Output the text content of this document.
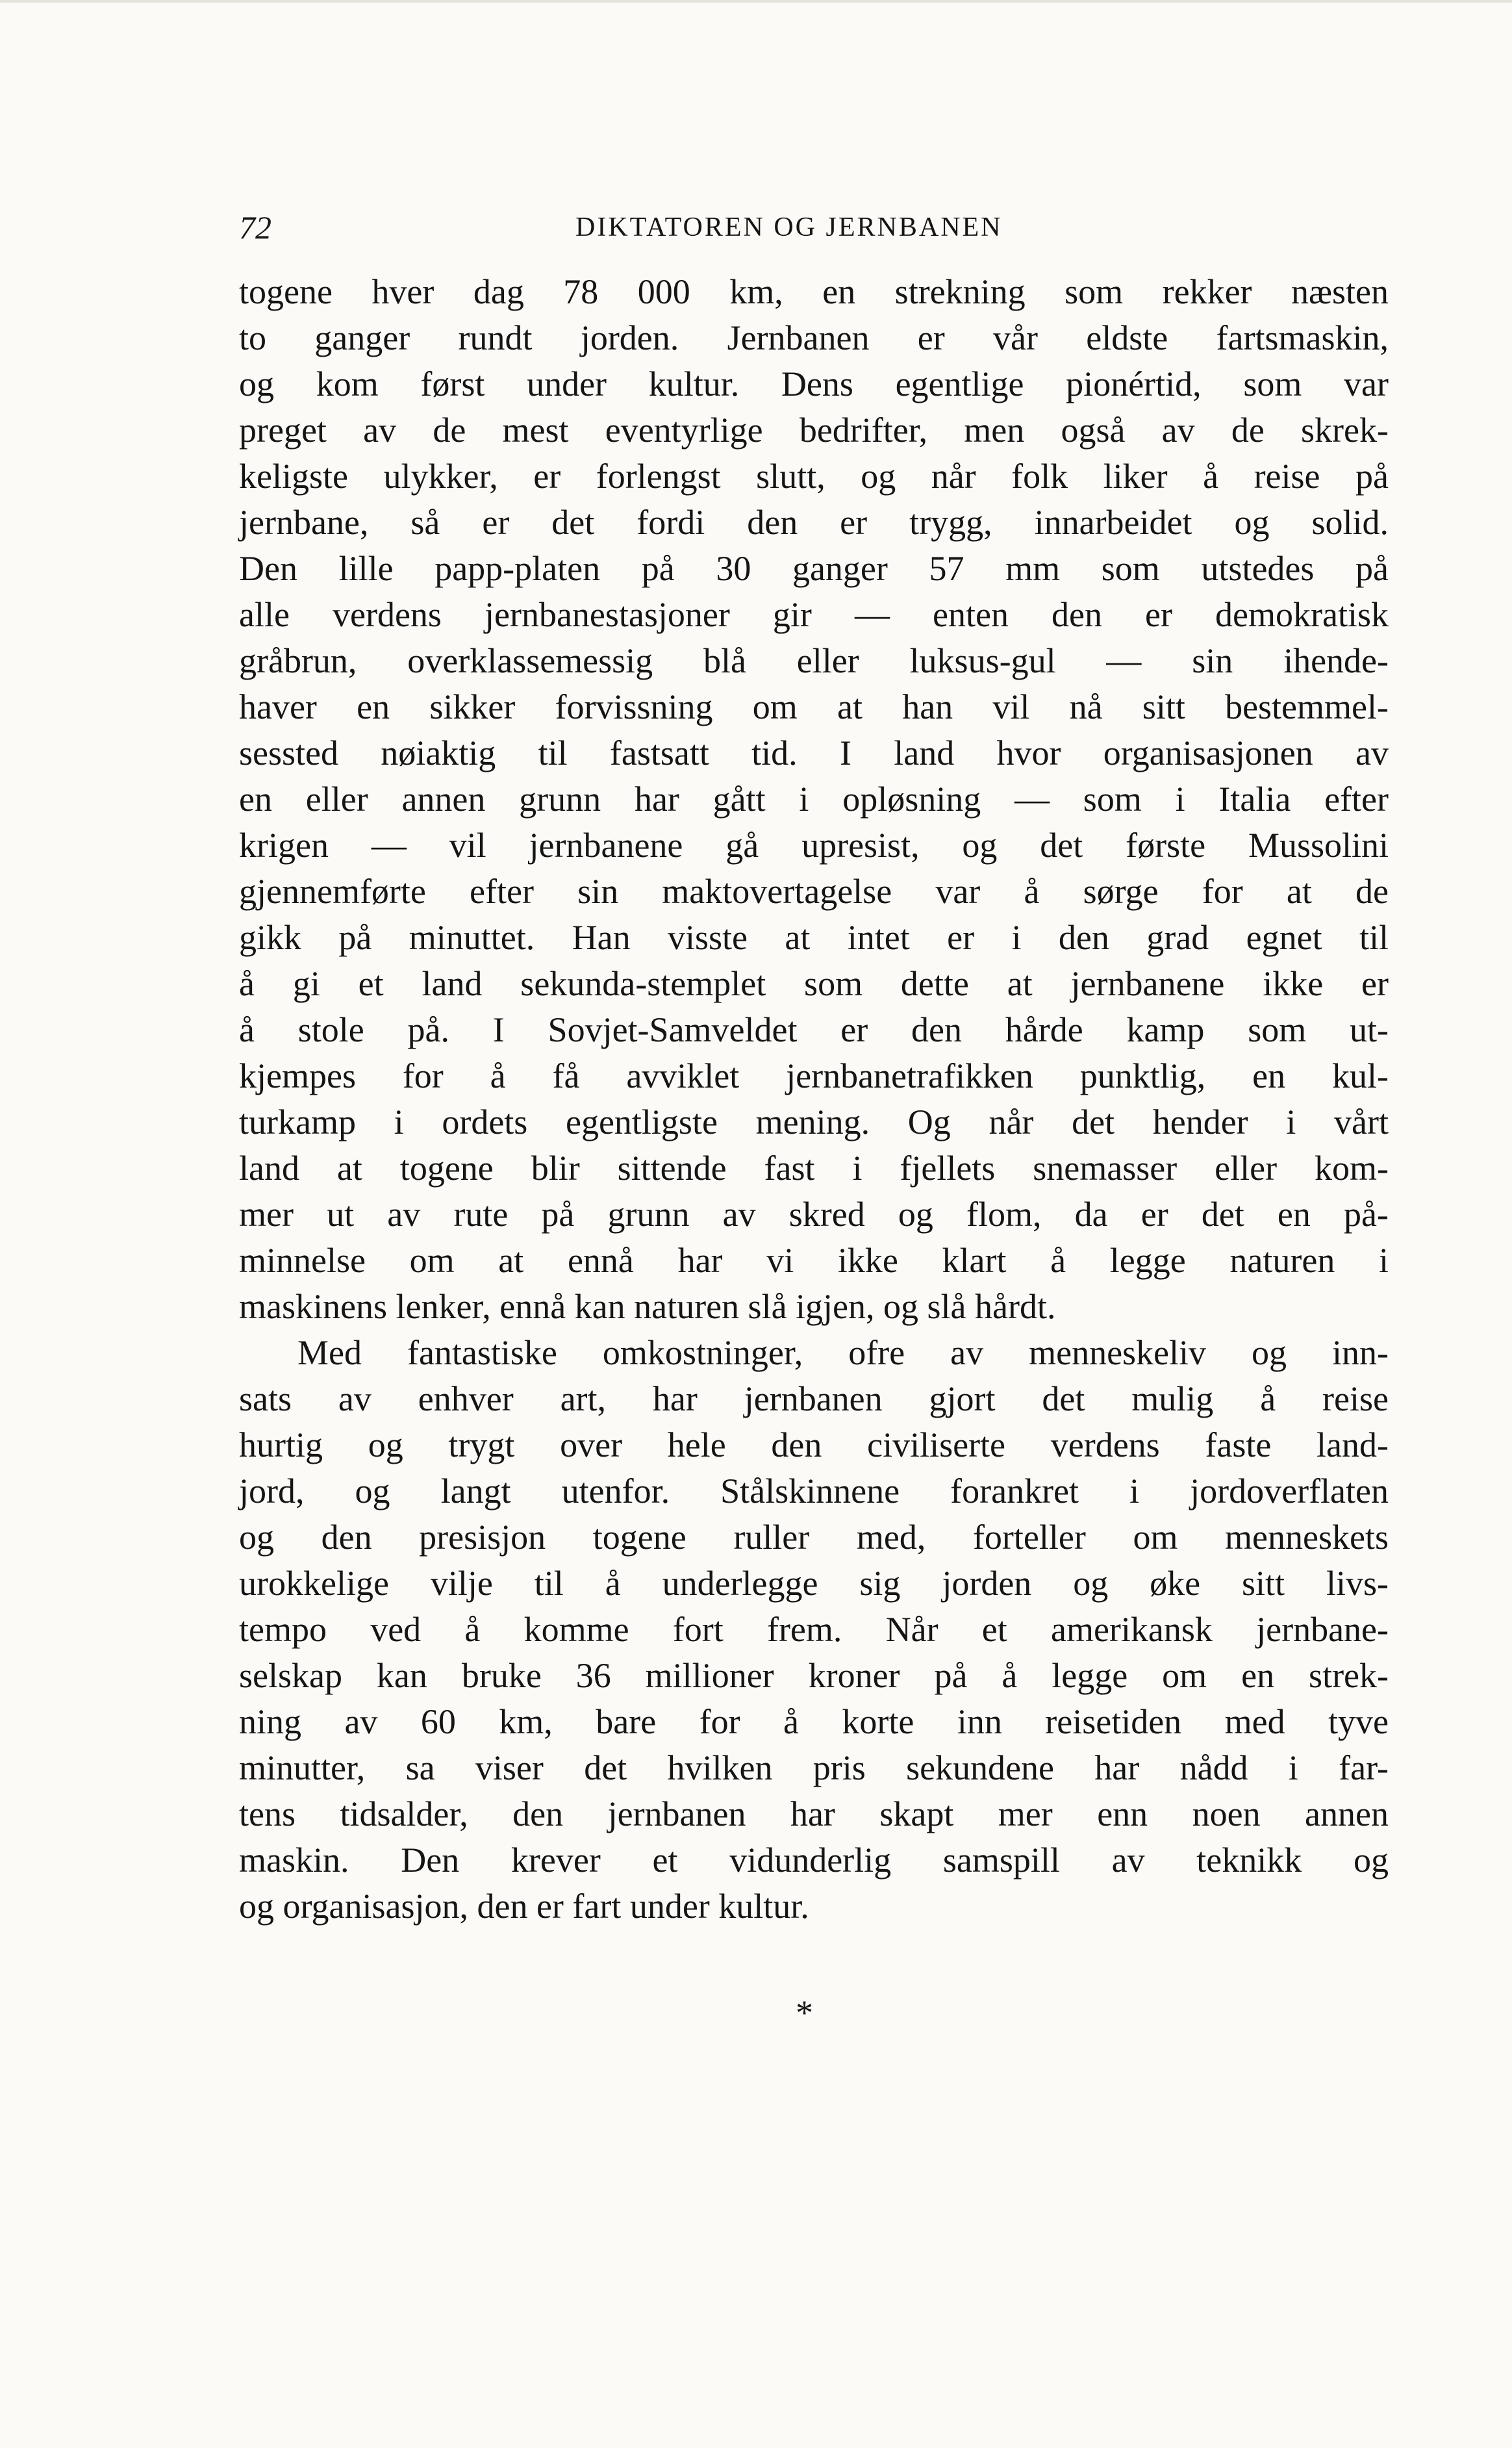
72	DIKTATOREN OG JERNBANEN
togene hver dag 78 000 km, en strekning som rekker næsten
to ganger rundt jorden. Jernbanen er vår eldste fartsmaskin,
og kom først under kultur. Dens egentlige pionértid, som var
preget av de mest eventyrlige bedrifter, men også av de skrek-
keligste ulykker, er forlengst slutt, og når folk liker å reise på
jernbane, så er det fordi den er trygg, innarbeidet og solid.
Den lille papp-platen på 30 ganger 57 mm som utstedes på
alle verdens jernbanestasjoner gir — enten den er demokratisk
gråbrun, overklassemessig blå eller luksus-gul — sin ihende-
haver en sikker forvissning om at han vil nå sitt bestemmel-
sessted nøiaktig til fastsatt tid. I land hvor organisasjonen av
en eller annen grunn har gått i opløsning — som i Italia efter
krigen — vil jernbanene gå upresist, og det første Mussolini
gjennemførte efter sin maktovertagelse var å sørge for at de
gikk på minuttet. Han visste at intet er i den grad egnet til
å gi et land sekunda-stemplet som dette at jernbanene ikke er
å stole på. I Sovjet-Samveldet er den hårde kamp som ut-
kjempes for å få avviklet jernbanetrafikken punktlig, en kul-
turkamp i ordets egentligste mening. Og når det hender i vårt
land at togene blir sittende fast i fjellets snemasser eller kom-
mer ut av rute på grunn av skred og flom, da er det en på-
minnelse om at ennå har vi ikke klart å legge naturen i
maskinens lenker, ennå kan naturen slå igjen, og slå hårdt.
Med fantastiske omkostninger, ofre av menneskeliv og inn-
sats av enhver art, har jernbanen gjort det mulig å reise
hurtig og trygt over hele den civiliserte verdens faste land-
jord, og langt utenfor. Stålskinnene forankret i jordoverflaten
og den presisjon togene ruller med, forteller om menneskets
urokkelige vilje til å underlegge sig jorden og øke sitt livs-
tempo ved å komme fort frem. Når et amerikansk jernbane-
selskap kan bruke 36 millioner kroner på å legge om en strek-
ning av 60 km, bare for å korte inn reisetiden med tyve
minutter, sa viser det hvilken pris sekundene har nådd i far-
tens tidsalder, den jernbanen har skapt mer enn noen annen
maskin. Den krever et vidunderlig samspill av teknikk og
og organisasjon, den er fart under kultur.
*
